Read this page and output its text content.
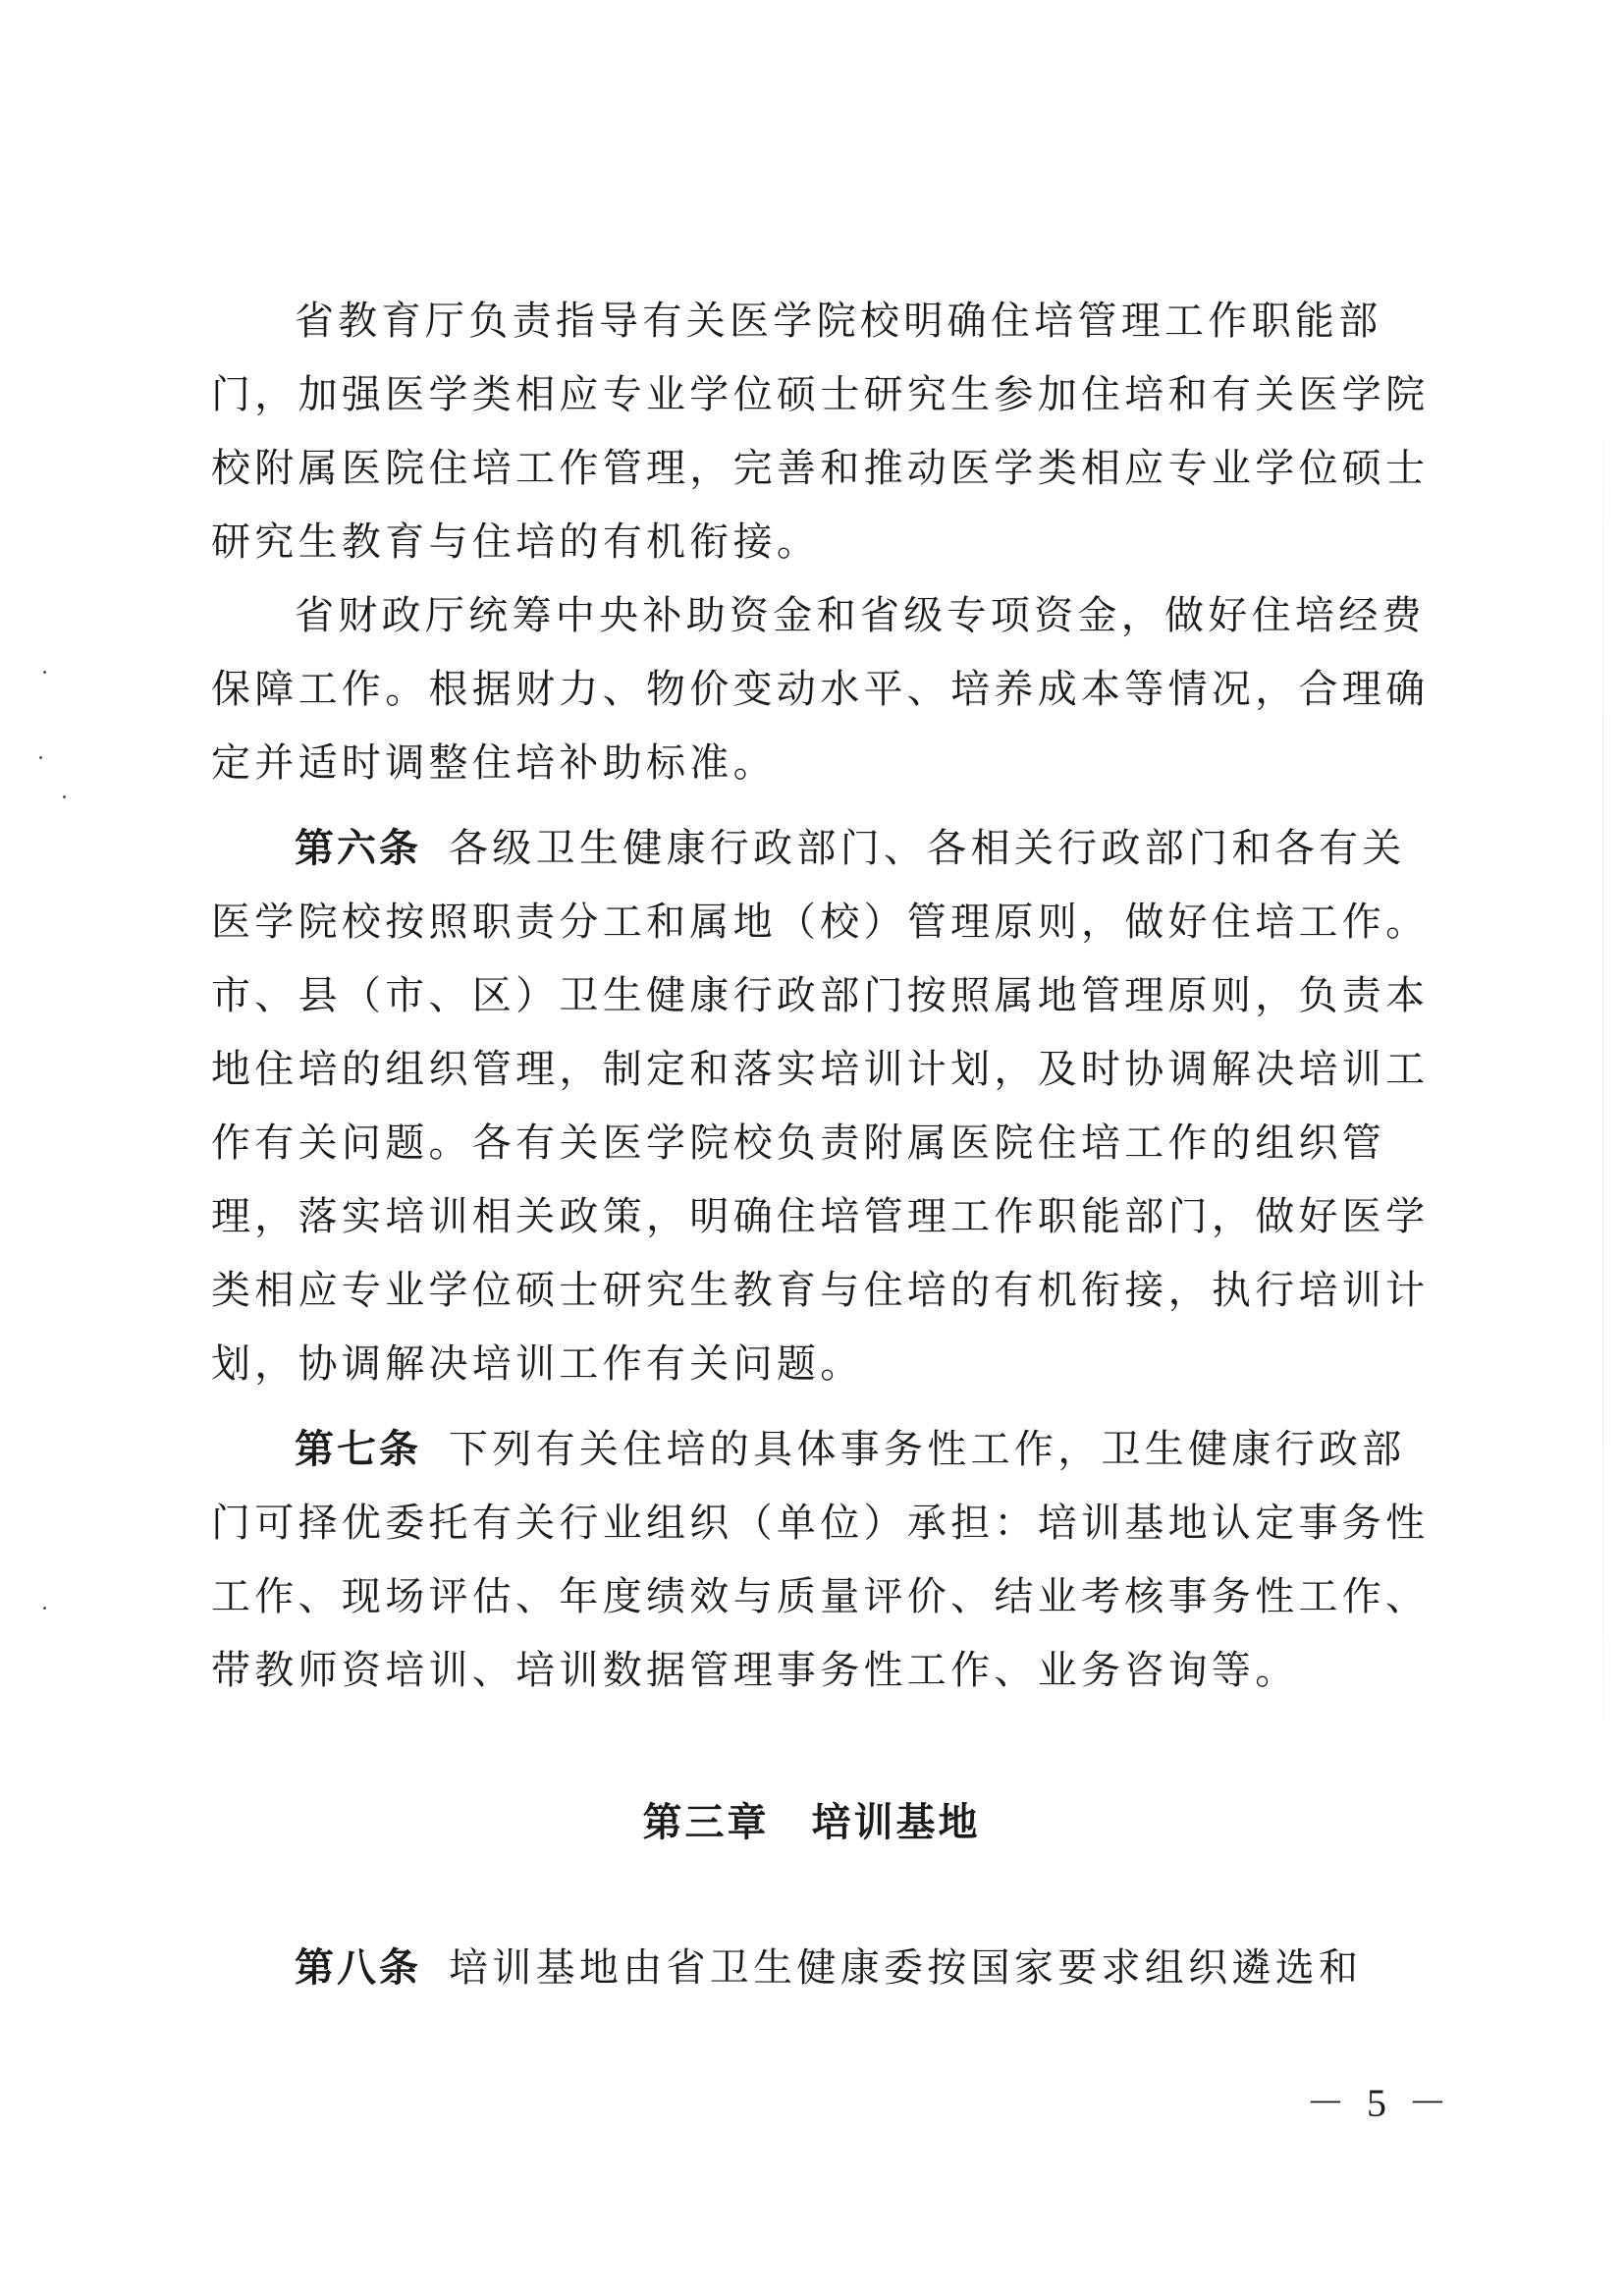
省教育厅负责指导有关医学院校明确住培管理工作职能部
门，加强医学类相应专业学位硕士研究生参加住培和有关医学院
校附属医院住培工作管理，完善和推动医学类相应专业学位硕士
研究生教育与住培的有机衔接。
省财政厅统筹中央补助资金和省级专项资金，做好住培经费
保障工作。根据财力、物价变动水平、培养成本等情况，合理确
定并适时调整住培补助标准。
第六条 各级卫生健康行政部门、各相关行政部门和各有关
医学院校按照职责分工和属地（校）管理原则，做好住培工作。
市、县（市、区）卫生健康行政部门按照属地管理原则，负责本
地住培的组织管理，制定和落实培训计划，及时协调解决培训工
作有关问题。各有关医学院校负责附属医院住培工作的组织管
理，落实培训相关政策，明确住培管理工作职能部门，做好医学
类相应专业学位硕士研究生教育与住培的有机衔接，执行培训计
划，协调解决培训工作有关问题。
第七条 下列有关住培的具体事务性工作，卫生健康行政部
门可择优委托有关行业组织（单位）承担：培训基地认定事务性
工作、现场评估、年度绩效与质量评价、结业考核事务性工作、
带教师资培训、培训数据管理事务性工作、业务咨询等。
第三章　培训基地
第八条 培训基地由省卫生健康委按国家要求组织遴选和
－ 5 －
